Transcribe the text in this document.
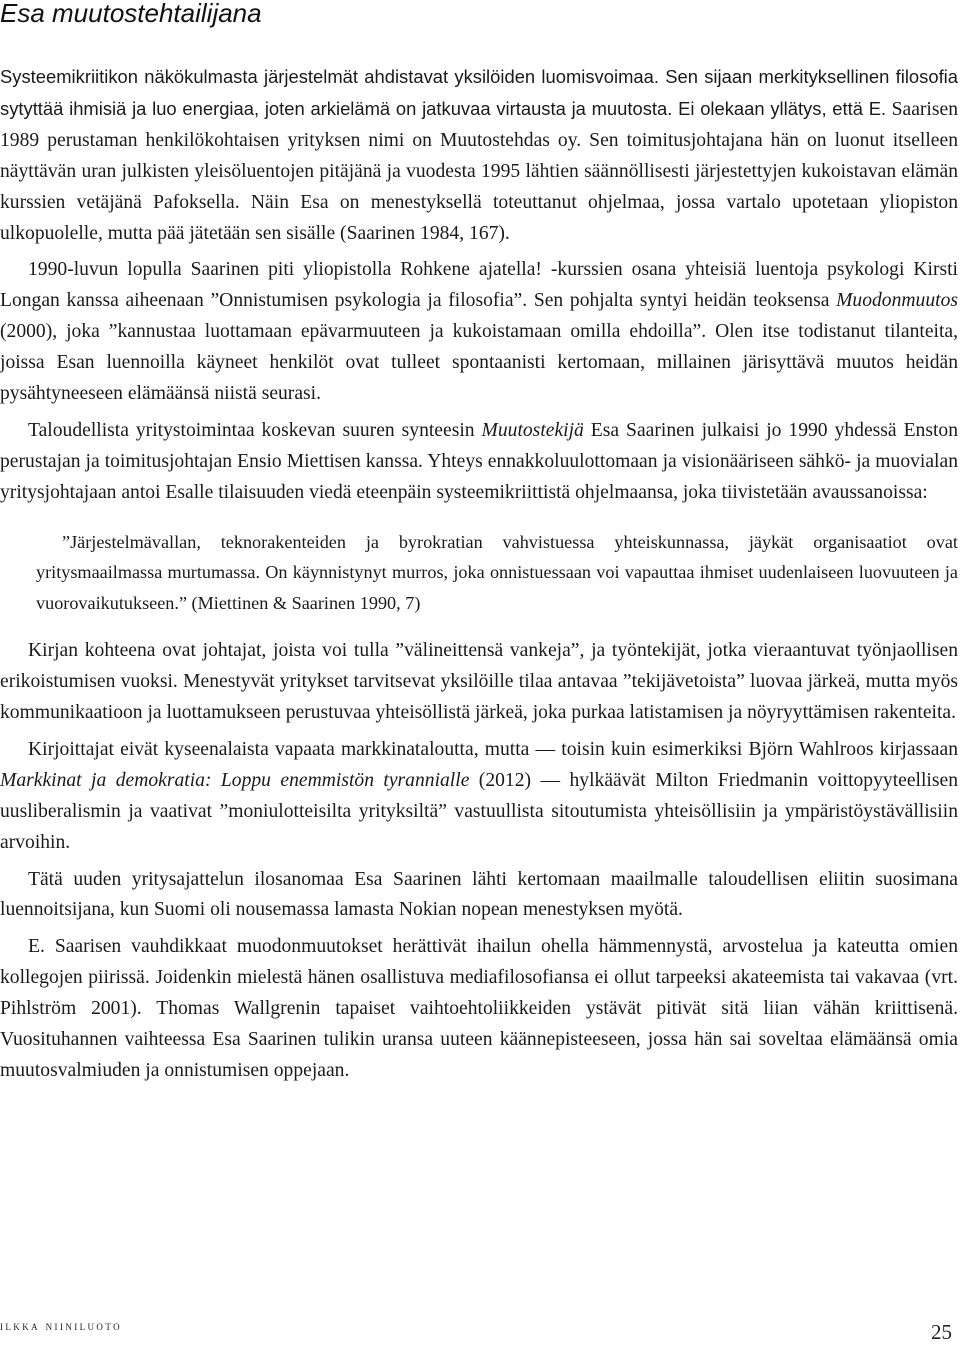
Esa muutostehtailijana

Systeemikriitikon näkökulmasta järjestelmät ahdistavat yksilöiden luomisvoimaa. Sen sijaan merkityksellinen filosofia sytyttää ihmisiä ja luo energiaa, joten arkielämä on jatkuvaa virtausta ja muutosta. Ei olekaan yllätys, että E. Saarisen 1989 perustaman henkilökohtaisen yrityksen nimi on Muutostehdas oy. Sen toimitusjohtajana hän on luonut itselleen näyttävän uran julkisten yleisöluentojen pitäjänä ja vuodesta 1995 lähtien säännöllisesti järjestettyjen kukoistavan elämän kurssien vetäjänä Pafoksella. Näin Esa on menestyksellä toteuttanut ohjelmaa, jossa vartalo upotetaan yliopiston ulkopuolelle, mutta pää jätetään sen sisälle (Saarinen 1984, 167).

1990-luvun lopulla Saarinen piti yliopistolla Rohkene ajatella! -kurssien osana yhteisiä luentoja psykologi Kirsti Longan kanssa aiheenaan ”Onnistumisen psykologia ja filosofia”. Sen pohjalta syntyi heidän teoksensa Muodonmuutos (2000), joka ”kannustaa luottamaan epävarmuuteen ja kukoistamaan omilla ehdoilla”. Olen itse todistanut tilanteita, joissa Esan luennoilla käyneet henkilöt ovat tulleet spontaanisti kertomaan, millainen järisyttävä muutos heidän pysähtyneeseen elämäänsä niistä seurasi.

Taloudellista yritystoimintaa koskevan suuren synteesin Muutostekijä Esa Saarinen julkaisi jo 1990 yhdessä Enston perustajan ja toimitusjohtajan Ensio Miettisen kanssa. Yhteys ennakkoluulottomaan ja visionääriseen sähkö- ja muovialan yritysjohtajaan antoi Esalle tilaisuuden viedä eteenpäin systeemikriittistä ohjelmaansa, joka tiivistetään avaussanoissa:

”Järjestelmävallan, teknorakenteiden ja byrokratian vahvistuessa yhteiskunnassa, jäykät organisaatiot ovat yritysmaailmassa murtumassa. On käynnistynyt murros, joka onnistuessaan voi vapauttaa ihmiset uudenlaiseen luovuuteen ja vuorovaikutukseen.” (Miettinen & Saarinen 1990, 7)

Kirjan kohteena ovat johtajat, joista voi tulla ”välineittensä vankeja”, ja työntekijät, jotka vieraantuvat työnjaollisen erikoistumisen vuoksi. Menestyvät yritykset tarvitsevat yksilöille tilaa antavaa ”tekijävetoista” luovaa järkeä, mutta myös kommunikaatioon ja luottamukseen perustuvaa yhteisöllistä järkeä, joka purkaa latistamisen ja nöyryyttämisen rakenteita.

Kirjoittajat eivät kyseenalaista vapaata markkinataloutta, mutta — toisin kuin esimerkiksi Björn Wahlroos kirjassaan Markkinat ja demokratia: Loppu enemmistön tyrannialle (2012) — hylkäävät Milton Friedmanin voittopyyteellisen uusliberalismin ja vaativat ”moniulotteisilta yrityksiltä” vastuullista sitoutumista yhteisöllisiin ja ympäristöystävällisiin arvoihin.

Tätä uuden yritysajattelun ilosanomaa Esa Saarinen lähti kertomaan maailmalle taloudellisen eliitin suosimana luennoitsijana, kun Suomi oli nousemassa lamasta Nokian nopean menestyksen myötä.

E. Saarisen vauhdikkaat muodonmuutokset herättivät ihailun ohella hämmennystä, arvostelua ja kateutta omien kollegojen piirissä. Joidenkin mielestä hänen osallistuva mediafilosofiansa ei ollut tarpeeksi akateemista tai vakavaa (vrt. Pihlström 2001). Thomas Wallgrenin tapaiset vaihtoehtoliikkeiden ystävät pitivät sitä liian vähän kriittisenä. Vuosituhannen vaihteessa Esa Saarinen tulikin uransa uuteen käännepisteeseen, jossa hän sai soveltaa elämäänsä omia muutosvalmiuden ja onnistumisen oppejaan.

ilkka niiniluoto	25
